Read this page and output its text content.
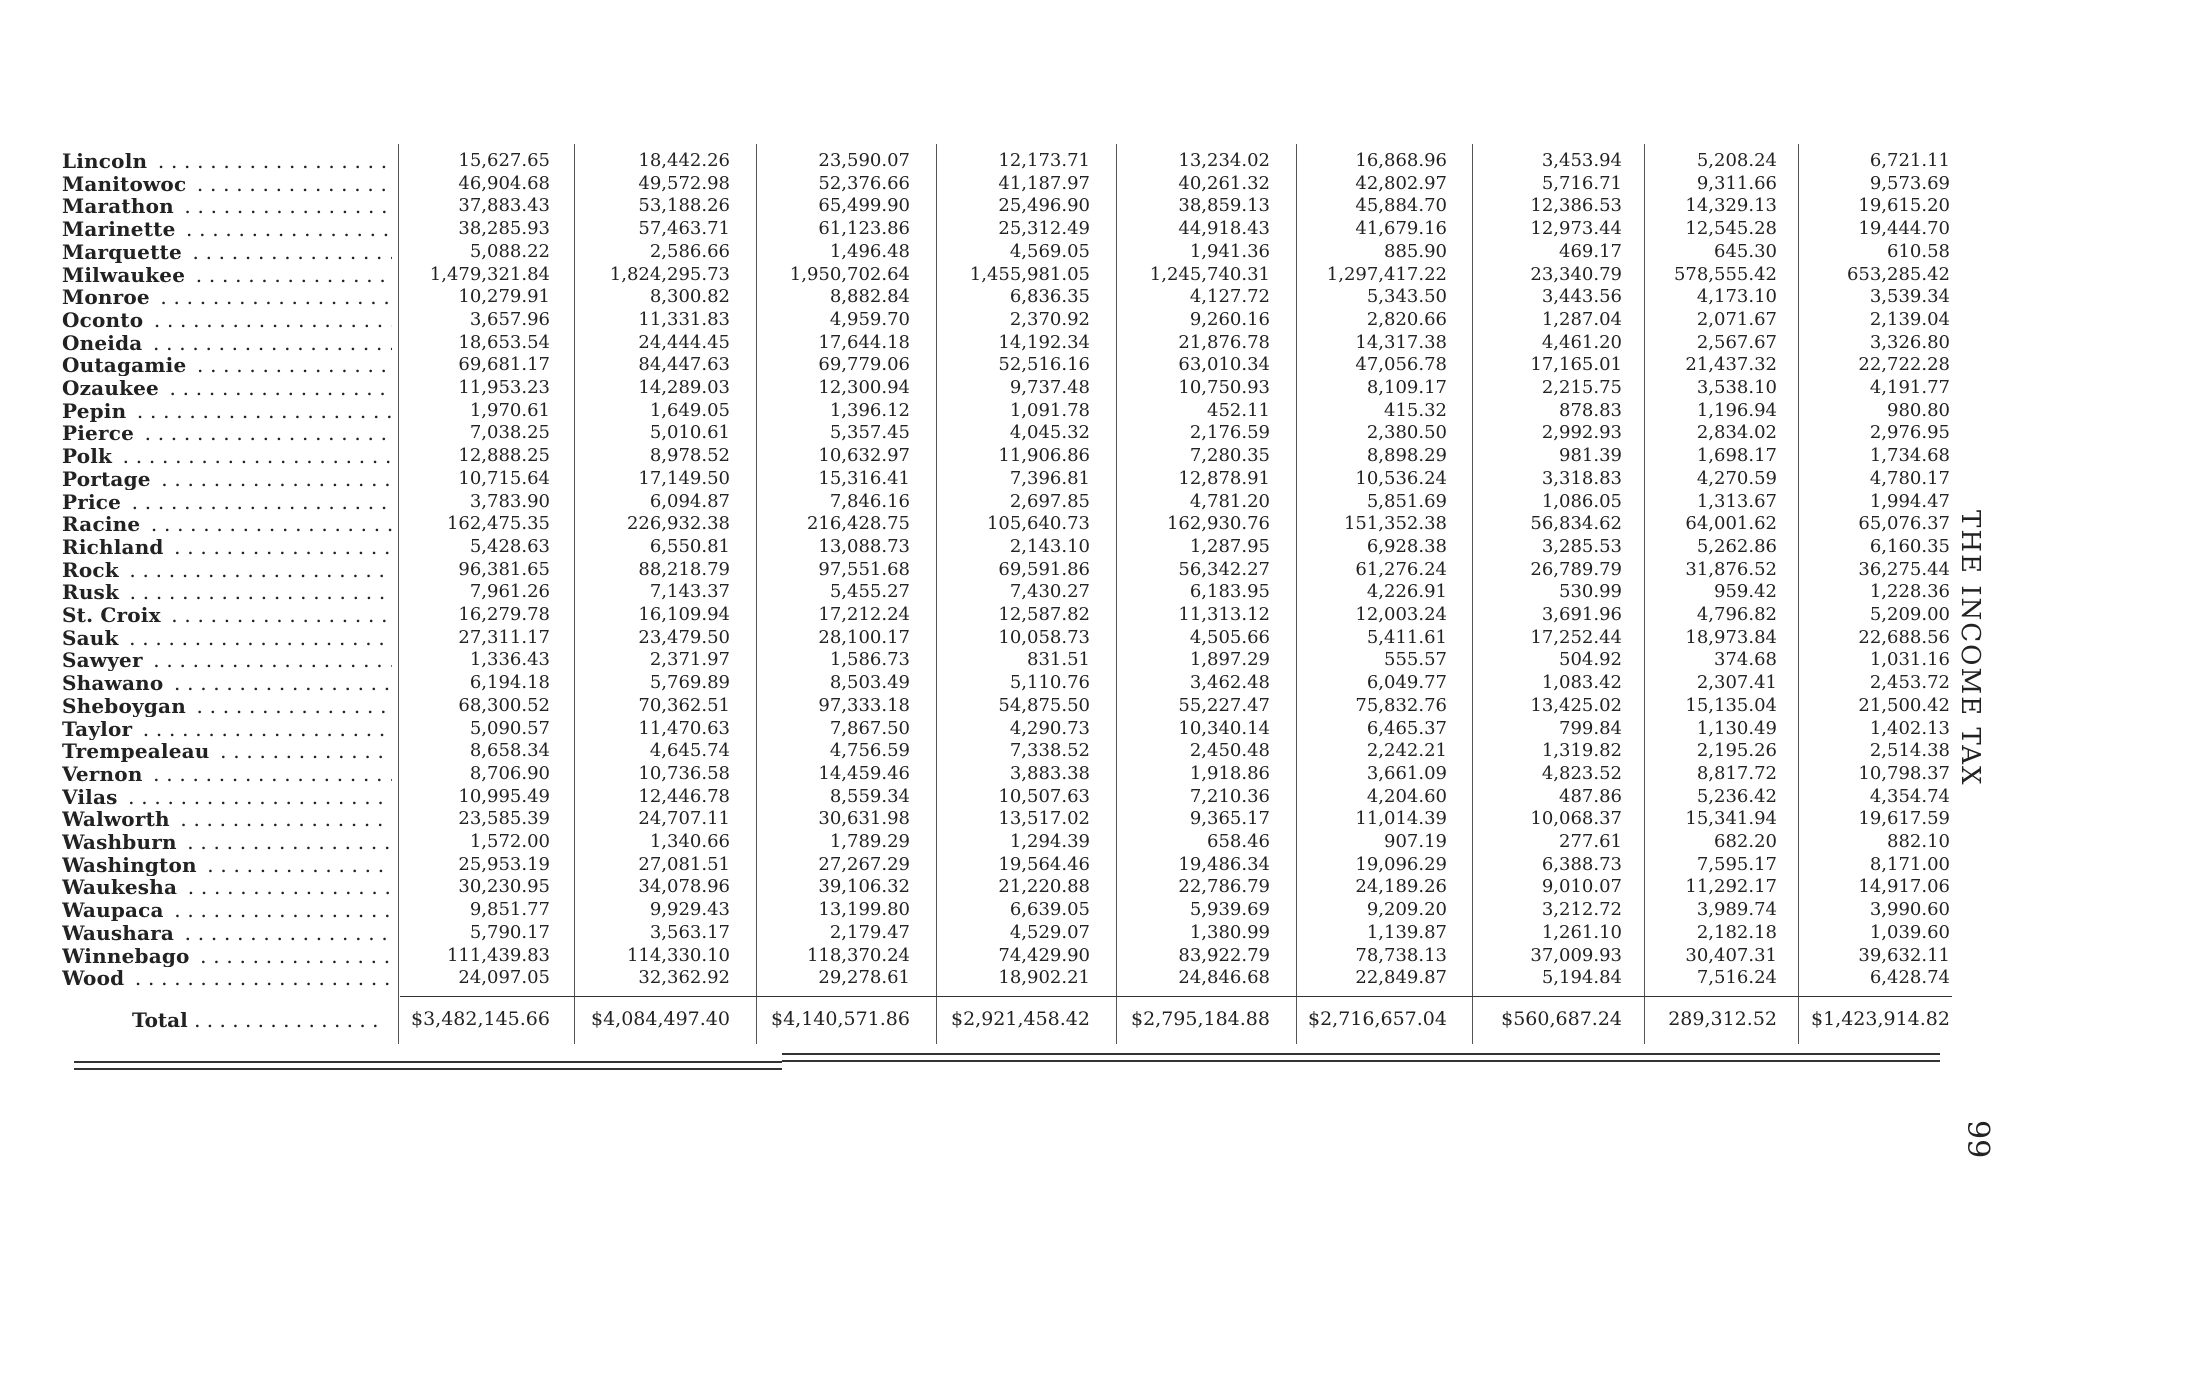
Lincoln . . .	15,627.65	18,442.26	23,590.07	12,173.71	13,234.02	16,868.96	3,453.94	5,208.24	6,721.11
Manitowoc . . .	46,904.68	49,572.98	52,376.66	41,187.97	40,261.32	42,802.97	5,716.71	9,311.66	9,573.69
Marathon . . .	37,883.43	53,188.26	65,499.90	25,496.90	38,859.13	45,884.70	12,386.53	14,329.13	19,615.20
Marinette . . .	38,285.93	57,463.71	61,123.86	25,312.49	44,918.43	41,679.16	12,973.44	12,545.28	19,444.70
Marquette . . .	5,088.22	2,586.66	1,496.48	4,569.05	1,941.36	885.90	469.17	645.30	610.58
Milwaukee . . .	1,479,321.84	1,824,295.73	1,950,702.64	1,455,981.05	1,245,740.31	1,297,417.22	23,340.79	578,555.42	653,285.42
Monroe . . .	10,279.91	8,300.82	8,882.84	6,836.35	4,127.72	5,343.50	3,443.56	4,173.10	3,539.34
Oconto . . .	3,657.96	11,331.83	4,959.70	2,370.92	9,260.16	2,820.66	1,287.04	2,071.67	2,139.04
Oneida . . .	18,653.54	24,444.45	17,644.18	14,192.34	21,876.78	14,317.38	4,461.20	2,567.67	3,326.80
Outagamie . . .	69,681.17	84,447.63	69,779.06	52,516.16	63,010.34	47,056.78	17,165.01	21,437.32	22,722.28
Ozaukee . . .	11,953.23	14,289.03	12,300.94	9,737.48	10,750.93	8,109.17	2,215.75	3,538.10	4,191.77
Pepin . . .	1,970.61	1,649.05	1,396.12	1,091.78	452.11	415.32	878.83	1,196.94	980.80
Pierce . . .	7,038.25	5,010.61	5,357.45	4,045.32	2,176.59	2,380.50	2,992.93	2,834.02	2,976.95
Polk . . .	12,888.25	8,978.52	10,632.97	11,906.86	7,280.35	8,898.29	981.39	1,698.17	1,734.68
Portage . . .	10,715.64	17,149.50	15,316.41	7,396.81	12,878.91	10,536.24	3,318.83	4,270.59	4,780.17
Price . . .	3,783.90	6,094.87	7,846.16	2,697.85	4,781.20	5,851.69	1,086.05	1,313.67	1,994.47
Racine . . .	162,475.35	226,932.38	216,428.75	105,640.73	162,930.76	151,352.38	56,834.62	64,001.62	65,076.37
Richland . . .	5,428.63	6,550.81	13,088.73	2,143.10	1,287.95	6,928.38	3,285.53	5,262.86	6,160.35
Rock . . .	96,381.65	88,218.79	97,551.68	69,591.86	56,342.27	61,276.24	26,789.79	31,876.52	36,275.44
Rusk . . .	7,961.26	7,143.37	5,455.27	7,430.27	6,183.95	4,226.91	530.99	959.42	1,228.36
St. Croix . . .	16,279.78	16,109.94	17,212.24	12,587.82	11,313.12	12,003.24	3,691.96	4,796.82	5,209.00
Sauk . . .	27,311.17	23,479.50	28,100.17	10,058.73	4,505.66	5,411.61	17,252.44	18,973.84	22,688.56
Sawyer . . .	1,336.43	2,371.97	1,586.73	831.51	1,897.29	555.57	504.92	374.68	1,031.16
Shawano . . .	6,194.18	5,769.89	8,503.49	5,110.76	3,462.48	6,049.77	1,083.42	2,307.41	2,453.72
Sheboygan . . .	68,300.52	70,362.51	97,333.18	54,875.50	55,227.47	75,832.76	13,425.02	15,135.04	21,500.42
Taylor . . .	5,090.57	11,470.63	7,867.50	4,290.73	10,340.14	6,465.37	799.84	1,130.49	1,402.13
Trempealeau . . .	8,658.34	4,645.74	4,756.59	7,338.52	2,450.48	2,242.21	1,319.82	2,195.26	2,514.38
Vernon . . .	8,706.90	10,736.58	14,459.46	3,883.38	1,918.86	3,661.09	4,823.52	8,817.72	10,798.37
Vilas . . .	10,995.49	12,446.78	8,559.34	10,507.63	7,210.36	4,204.60	487.86	5,236.42	4,354.74
Walworth . . .	23,585.39	24,707.11	30,631.98	13,517.02	9,365.17	11,014.39	10,068.37	15,341.94	19,617.59
Washburn . . .	1,572.00	1,340.66	1,789.29	1,294.39	658.46	907.19	277.61	682.20	882.10
Washington . . .	25,953.19	27,081.51	27,267.29	19,564.46	19,486.34	19,096.29	6,388.73	7,595.17	8,171.00
Waukesha . . .	30,230.95	34,078.96	39,106.32	21,220.88	22,786.79	24,189.26	9,010.07	11,292.17	14,917.06
Waupaca . . .	9,851.77	9,929.43	13,199.80	6,639.05	5,939.69	9,209.20	3,212.72	3,989.74	3,990.60
Waushara . . .	5,790.17	3,563.17	2,179.47	4,529.07	1,380.99	1,139.87	1,261.10	2,182.18	1,039.60
Winnebago . . .	111,439.83	114,330.10	118,370.24	74,429.90	83,922.79	78,738.13	37,009.93	30,407.31	39,632.11
Wood . . .	24,097.05	32,362.92	29,278.61	18,902.21	24,846.68	22,849.87	5,194.84	7,516.24	6,428.74
Total . . . . . . . . . . . . . . .	$3,482,145.66	$4,084,497.40	$4,140,571.86	$2,921,458.42	$2,795,184.88	$2,716,657.04	$560,687.24	289,312.52	$1,423,914.82
THE INCOME TAX
99
